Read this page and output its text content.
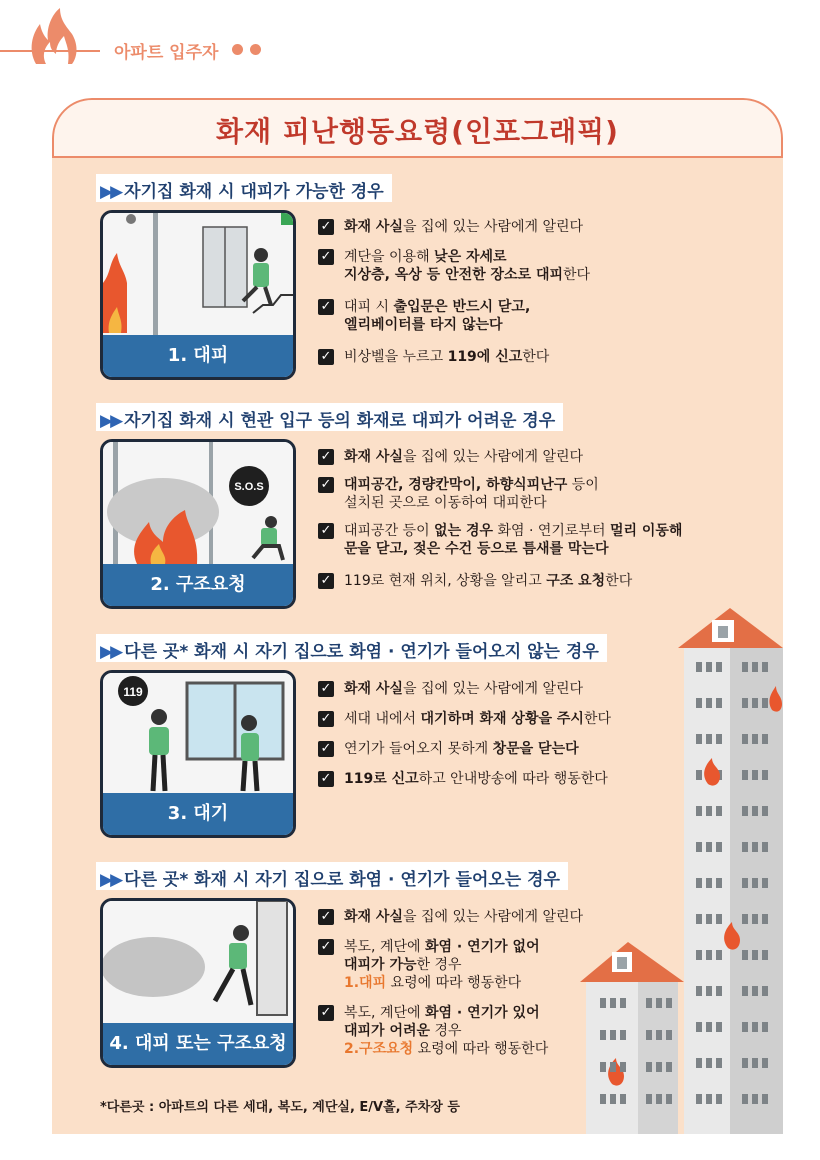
아파트 입주자
화재 피난행동요령(인포그래픽)
▶▶ 자기집 화재 시 대피가 가능한 경우
1. 대피
✓ 화재 사실을 집에 있는 사람에게 알린다
✓ 계단을 이용해 낮은 자세로
지상층, 옥상 등 안전한 장소로 대피한다
✓ 대피 시 출입문은 반드시 닫고,
엘리베이터를 타지 않는다
✓ 비상벨을 누르고 119에 신고한다
▶▶ 자기집 화재 시 현관 입구 등의 화재로 대피가 어려운 경우
S.O.S
2. 구조요청
✓ 화재 사실을 집에 있는 사람에게 알린다
✓ 대피공간, 경량칸막이, 하향식피난구 등이
설치된 곳으로 이동하여 대피한다
✓ 대피공간 등이 없는 경우 화염 · 연기로부터 멀리 이동해
문을 닫고, 젖은 수건 등으로 틈새를 막는다
✓ 119로 현재 위치, 상황을 알리고 구조 요청한다
▶▶ 다른 곳* 화재 시 자기 집으로 화염 · 연기가 들어오지 않는 경우
119
3. 대기
✓ 화재 사실을 집에 있는 사람에게 알린다
✓ 세대 내에서 대기하며 화재 상황을 주시한다
✓ 연기가 들어오지 못하게 창문을 닫는다
✓ 119로 신고하고 안내방송에 따라 행동한다
▶▶ 다른 곳* 화재 시 자기 집으로 화염 · 연기가 들어오는 경우
4. 대피 또는 구조요청
✓ 화재 사실을 집에 있는 사람에게 알린다
✓ 복도, 계단에 화염 · 연기가 없어
대피가 가능한 경우
1.대피 요령에 따라 행동한다
✓ 복도, 계단에 화염 · 연기가 있어
대피가 어려운 경우
2.구조요청 요령에 따라 행동한다
*다른곳 : 아파트의 다른 세대, 복도, 계단실, E/V홀, 주차장 등
